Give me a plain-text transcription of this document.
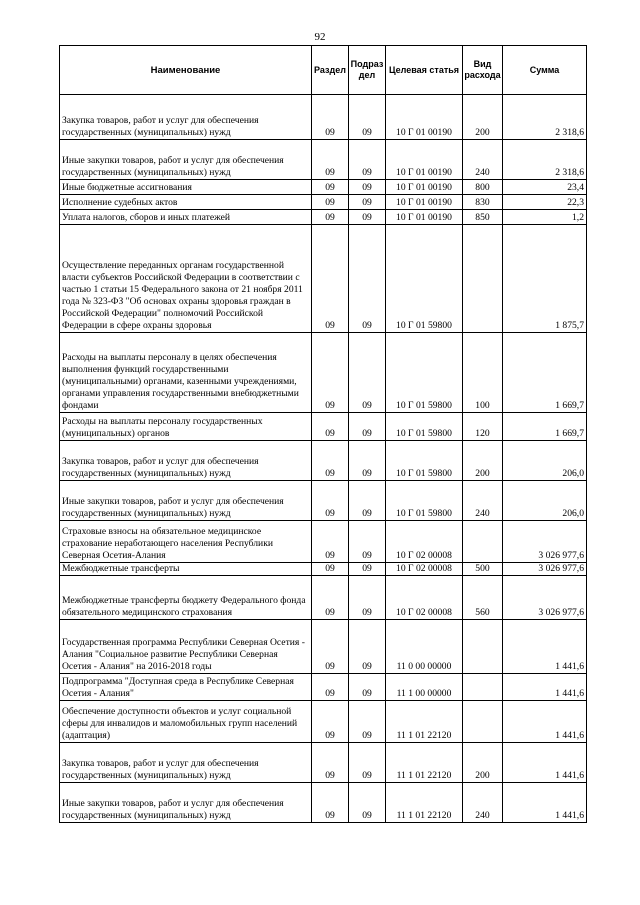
92
Наименование	Раздел	Подраз дел	Целевая статья	Вид расхода	Сумма

Закупка товаров, работ и услуг для обеспечения государственных (муниципальных) нужд	09	09	10 Г 01 00190	200	2 318,6
Иные закупки товаров, работ и услуг для обеспечения государственных (муниципальных) нужд	09	09	10 Г 01 00190	240	2 318,6
Иные бюджетные ассигнования	09	09	10 Г 01 00190	800	23,4
Исполнение судебных актов	09	09	10 Г 01 00190	830	22,3
Уплата налогов, сборов и иных платежей	09	09	10 Г 01 00190	850	1,2

Осуществление переданных органам государственной власти субъектов Российской Федерации в соответствии с частью 1 статьи 15 Федерального закона от 21 ноября 2011 года № 323-ФЗ "Об основах охраны здоровья граждан в Российской Федерации" полномочий Российской Федерации в сфере охраны здоровья	09	09	10 Г 01 59800		1 875,7

Расходы на выплаты персоналу в целях обеспечения выполнения функций государственными (муниципальными) органами, казенными учреждениями, органами управления государственными внебюджетными фондами	09	09	10 Г 01 59800	100	1 669,7
Расходы на выплаты персоналу государственных (муниципальных) органов	09	09	10 Г 01 59800	120	1 669,7

Закупка товаров, работ и услуг для обеспечения государственных (муниципальных) нужд	09	09	10 Г 01 59800	200	206,0
Иные закупки товаров, работ и услуг для обеспечения государственных (муниципальных) нужд	09	09	10 Г 01 59800	240	206,0
Страховые взносы на обязательное медицинское страхование неработающего населения Республики Северная Осетия-Алания	09	09	10 Г 02 00008		3 026 977,6
Межбюджетные трансферты	09	09	10 Г 02 00008	500	3 026 977,6
Межбюджетные трансферты бюджету Федерального фонда обязательного медицинского страхования	09	09	10 Г 02 00008	560	3 026 977,6

Государственная программа Республики Северная Осетия - Алания "Социальное развитие Республики Северная Осетия - Алания" на 2016-2018 годы	09	09	11 0 00 00000		1 441,6
Подпрограмма "Доступная среда в Республике Северная Осетия - Алания"	09	09	11 1 00 00000		1 441,6
Обеспечение доступности объектов и услуг социальной сферы для инвалидов и маломобильных групп населений (адаптация)	09	09	11 1 01 22120		1 441,6

Закупка товаров, работ и услуг для обеспечения государственных (муниципальных) нужд	09	09	11 1 01 22120	200	1 441,6
Иные закупки товаров, работ и услуг для обеспечения государственных (муниципальных) нужд	09	09	11 1 01 22120	240	1 441,6
